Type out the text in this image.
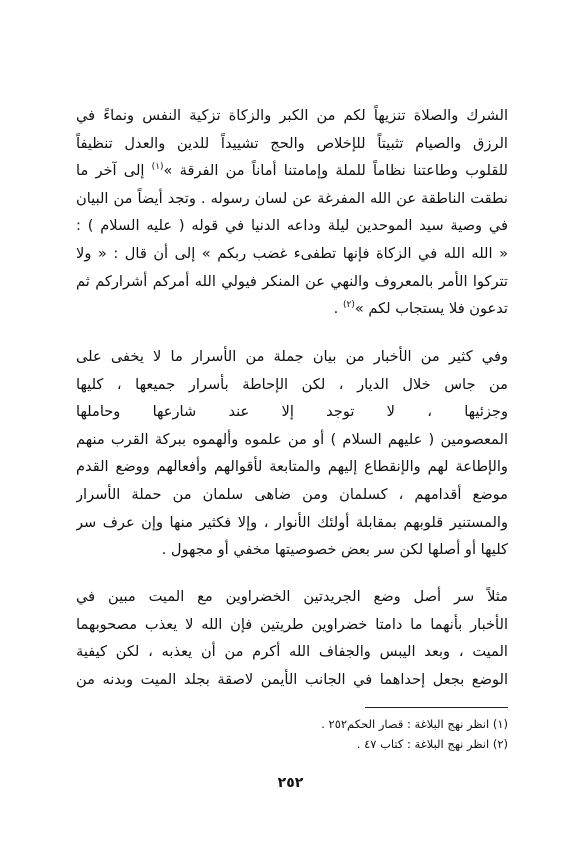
الشرك والصلاة تنزيهاً لكم من الكبر والزكاة تزكية النفس ونماءً في
الرزق والصيام تثبيتاً للإخلاص والحج تشييداً للدين والعدل تنظيفاً
للقلوب وطاعتنا نظاماً للملة وإمامتنا أماناً من الفرقة »$^{(١)}$ إلى آخر ما
نطقت الناطقة عن الله المفرغة عن لسان رسوله . وتجد أيضاً من البيان
في وصية سيد الموحدين ليلة وداعه الدنيا في قوله ( عليه السلام ) :
« الله الله في الزكاة فإنها تطفىء غضب ربكم » إلى أن قال : « ولا
تتركوا الأمر بالمعروف والنهي عن المنكر فيولي الله أمركم أشراركم ثم
تدعون فلا يستجاب لكم »$^{(٢)}$ .
وفي كثير من الأخبار من بيان جملة من الأسرار ما لا يخفى على
من جاس خلال الديار ، لكن الإحاطة بأسرار جميعها ، كليها
وجزئيها ، لا توجد إلا عند شارعها وحاملها
المعصومين ( عليهم السلام ) أو من علموه وألهموه ببركة القرب منهم
والإطاعة لهم والإنقطاع إليهم والمتابعة لأقوالهم وأفعالهم ووضع القدم
موضع أقدامهم ، كسلمان ومن ضاهى سلمان من حملة الأسرار
والمستنير قلوبهم بمقابلة أولئك الأنوار ، وإلا فكثير منها وإن عرف سر
كليها أو أصلها لكن سر بعض خصوصيتها مخفي أو مجهول .
مثلاً سر أصل وضع الجريدتين الخضراوين مع الميت مبين في
الأخبار بأنهما ما دامتا خضراوين طريتين فإن الله لا يعذب مصحوبهما
الميت ، وبعد اليبس والجفاف الله أكرم من أن يعذبه ، لكن كيفية
الوضع بجعل إحداهما في الجانب الأيمن لاصقة بجلد الميت وبدنه من
(١) انظر نهج البلاغة : قصار الحكم٢٥٢ .
(٢) انظر نهج البلاغة : كتاب ٤٧ .
٢٥٢
